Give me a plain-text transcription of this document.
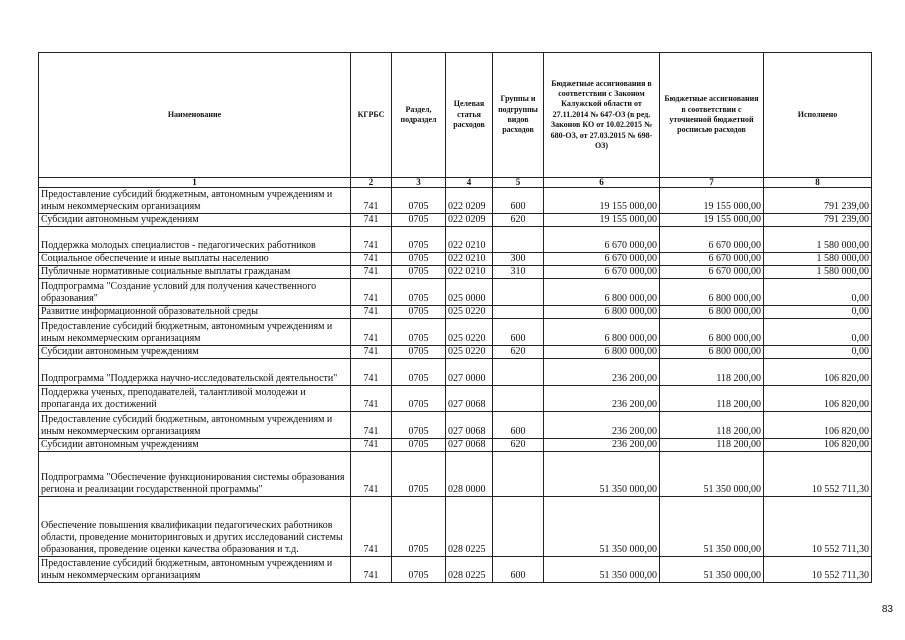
Наименование	КГРБС	Раздел, подраздел	Целевая статья расходов	Группы и подгруппы видов расходов	Бюджетные ассигнования в соответствии с Законом Калужской области от 27.11.2014 № 647-ОЗ (в ред. Законов КО от 10.02.2015 № 680-ОЗ, от 27.03.2015 № 698-ОЗ)	Бюджетные ассигнования в соответствии с уточненной бюджетной росписью расходов	Исполнено
1	2	3	4	5	6	7	8
Предоставление субсидий бюджетным, автономным учреждениям и иным некоммерческим организациям	741	0705	022 0209	600	19 155 000,00	19 155 000,00	791 239,00
Субсидии автономным учреждениям	741	0705	022 0209	620	19 155 000,00	19 155 000,00	791 239,00
Поддержка молодых специалистов - педагогических работников	741	0705	022 0210		6 670 000,00	6 670 000,00	1 580 000,00
Социальное обеспечение и иные выплаты населению	741	0705	022 0210	300	6 670 000,00	6 670 000,00	1 580 000,00
Публичные нормативные социальные выплаты гражданам	741	0705	022 0210	310	6 670 000,00	6 670 000,00	1 580 000,00
Подпрограмма "Создание условий для получения качественного образования"	741	0705	025 0000		6 800 000,00	6 800 000,00	0,00
Развитие информационной образовательной среды	741	0705	025 0220		6 800 000,00	6 800 000,00	0,00
Предоставление субсидий бюджетным, автономным учреждениям и иным некоммерческим организациям	741	0705	025 0220	600	6 800 000,00	6 800 000,00	0,00
Субсидии автономным учреждениям	741	0705	025 0220	620	6 800 000,00	6 800 000,00	0,00
Подпрограмма "Поддержка научно-исследовательской деятельности"	741	0705	027 0000		236 200,00	118 200,00	106 820,00
Поддержка ученых, преподавателей, талантливой молодежи и пропаганда их достижений	741	0705	027 0068		236 200,00	118 200,00	106 820,00
Предоставление субсидий бюджетным, автономным учреждениям и иным некоммерческим организациям	741	0705	027 0068	600	236 200,00	118 200,00	106 820,00
Субсидии автономным учреждениям	741	0705	027 0068	620	236 200,00	118 200,00	106 820,00
Подпрограмма "Обеспечение функционирования системы образования региона и реализации государственной программы"	741	0705	028 0000		51 350 000,00	51 350 000,00	10 552 711,30
Обеспечение повышения квалификации педагогических работников области, проведение мониторинговых и других исследований системы образования, проведение оценки качества образования и т.д.	741	0705	028 0225		51 350 000,00	51 350 000,00	10 552 711,30
Предоставление субсидий бюджетным, автономным учреждениям и иным некоммерческим организациям	741	0705	028 0225	600	51 350 000,00	51 350 000,00	10 552 711,30
83
